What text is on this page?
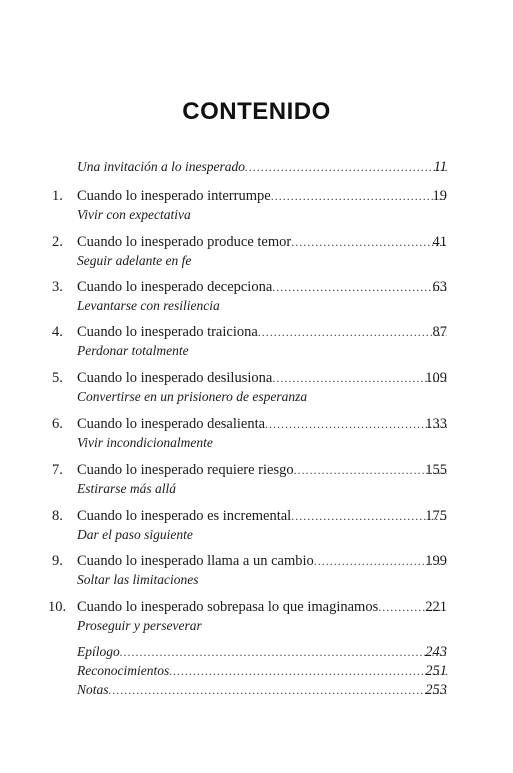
CONTENIDO
Una invitación a lo inesperado .....	11
1. Cuando lo inesperado interrumpe .....	19
Vivir con expectativa
2. Cuando lo inesperado produce temor .....	41
Seguir adelante en fe
3. Cuando lo inesperado decepciona .....	63
Levantarse con resiliencia
4. Cuando lo inesperado traiciona .....	87
Perdonar totalmente
5. Cuando lo inesperado desilusiona .....	109
Convertirse en un prisionero de esperanza
6. Cuando lo inesperado desalienta .....	133
Vivir incondicionalmente
7. Cuando lo inesperado requiere riesgo .....	155
Estirarse más allá
8. Cuando lo inesperado es incremental .....	175
Dar el paso siguiente
9. Cuando lo inesperado llama a un cambio .....	199
Soltar las limitaciones
10. Cuando lo inesperado sobrepasa lo que imaginamos .....	221
Proseguir y perseverar
Epílogo .....	243
Reconocimientos .....	251
Notas .....	253
